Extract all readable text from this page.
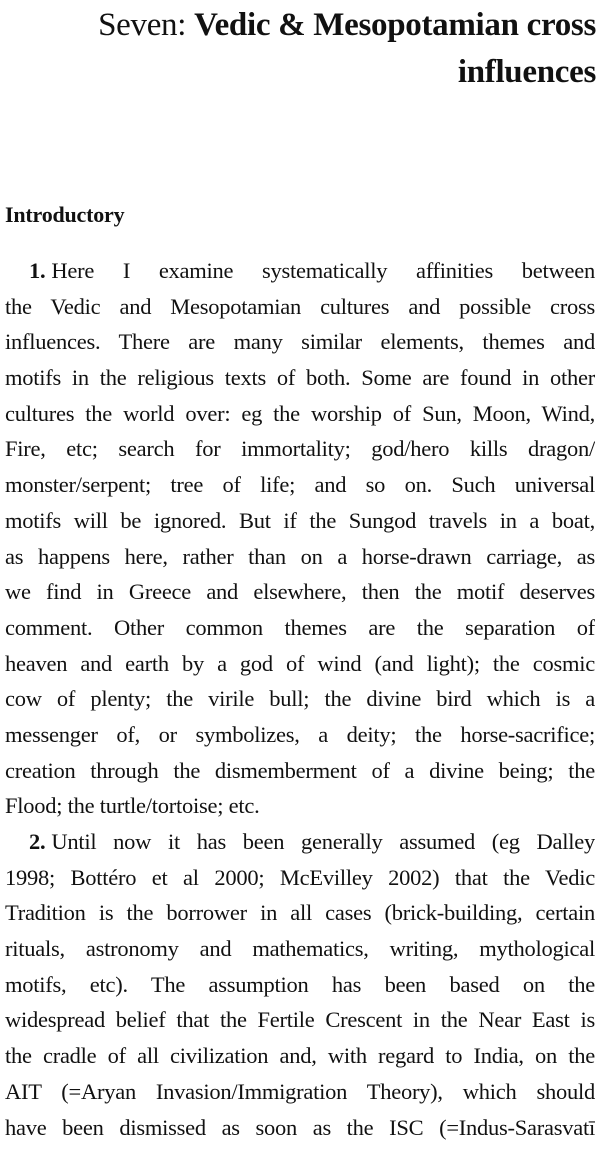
Seven: Vedic & Mesopotamian cross
influences
Introductory
1. Here I examine systematically affinities between
the Vedic and Mesopotamian cultures and possible cross
influences. There are many similar elements, themes and
motifs in the religious texts of both. Some are found in other
cultures the world over: eg the worship of Sun, Moon, Wind,
Fire, etc; search for immortality; god/hero kills dragon/
monster/serpent; tree of life; and so on. Such universal
motifs will be ignored. But if the Sungod travels in a boat,
as happens here, rather than on a horse-drawn carriage, as
we find in Greece and elsewhere, then the motif deserves
comment. Other common themes are the separation of
heaven and earth by a god of wind (and light); the cosmic
cow of plenty; the virile bull; the divine bird which is a
messenger of, or symbolizes, a deity; the horse-sacrifice;
creation through the dismemberment of a divine being; the
Flood; the turtle/tortoise; etc.
2. Until now it has been generally assumed (eg Dalley
1998; Bottéro et al 2000; McEvilley 2002) that the Vedic
Tradition is the borrower in all cases (brick-building, certain
rituals, astronomy and mathematics, writing, mythological
motifs, etc). The assumption has been based on the
widespread belief that the Fertile Crescent in the Near East is
the cradle of all civilization and, with regard to India, on the
AIT (=Aryan Invasion/Immigration Theory), which should
have been dismissed as soon as the ISC (=Indus-Sarasvatī
